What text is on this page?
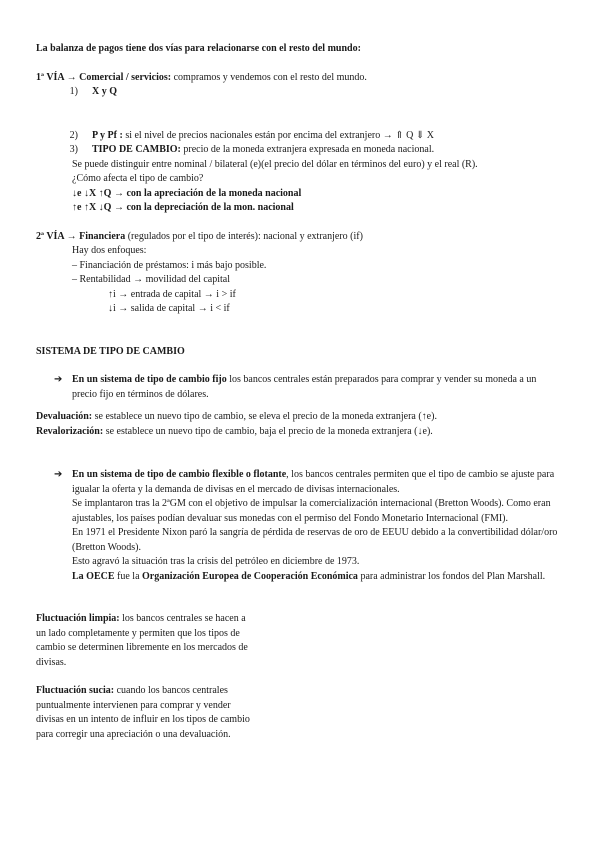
La balanza de pagos tiene dos vías para relacionarse con el resto del mundo:
1ª VÍA → Comercial / servicios: compramos y vendemos con el resto del mundo.
1) X y Q
2) P y Pf : si el nivel de precios nacionales están por encima del extranjero → ⇑ Q ⇓ X
3) TIPO DE CAMBIO: precio de la moneda extranjera expresada en moneda nacional.
Se puede distinguir entre nominal / bilateral (e)(el precio del dólar en términos del euro) y el real (R).
¿Cómo afecta el tipo de cambio?
↓e ↓X ↑Q → con la apreciación de la moneda nacional
↑e ↑X ↓Q → con la depreciación de la mon. nacional
2ª VÍA → Financiera (regulados por el tipo de interés): nacional y extranjero (if)
Hay dos enfoques:
– Financiación de préstamos: i más bajo posible.
– Rentabilidad → movilidad del capital
↑i → entrada de capital → i > if
↓i → salida de capital → i < if
SISTEMA DE TIPO DE CAMBIO
➔ En un sistema de tipo de cambio fijo los bancos centrales están preparados para comprar y vender su moneda a un precio fijo en términos de dólares.
Devaluación: se establece un nuevo tipo de cambio, se eleva el precio de la moneda extranjera (↑e).
Revalorización: se establece un nuevo tipo de cambio, baja el precio de la moneda extranjera (↓e).
➔ En un sistema de tipo de cambio flexible o flotante, los bancos centrales permiten que el tipo de cambio se ajuste para igualar la oferta y la demanda de divisas en el mercado de divisas internacionales.
Se implantaron tras la 2ªGM con el objetivo de impulsar la comercialización internacional (Bretton Woods). Como eran ajustables, los países podían devaluar sus monedas con el permiso del Fondo Monetario Internacional (FMI).
En 1971 el Presidente Nixon paró la sangría de pérdida de reservas de oro de EEUU debido a la convertibilidad dólar/oro (Bretton Woods).
Esto agravó la situación tras la crisis del petróleo en diciembre de 1973.
La OECE fue la Organización Europea de Cooperación Económica para administrar los fondos del Plan Marshall.
Fluctuación limpia: los bancos centrales se hacen a un lado completamente y permiten que los tipos de cambio se determinen libremente en los mercados de divisas.
Fluctuación sucia: cuando los bancos centrales puntualmente intervienen para comprar y vender divisas en un intento de influir en los tipos de cambio para corregir una apreciación o una devaluación.
